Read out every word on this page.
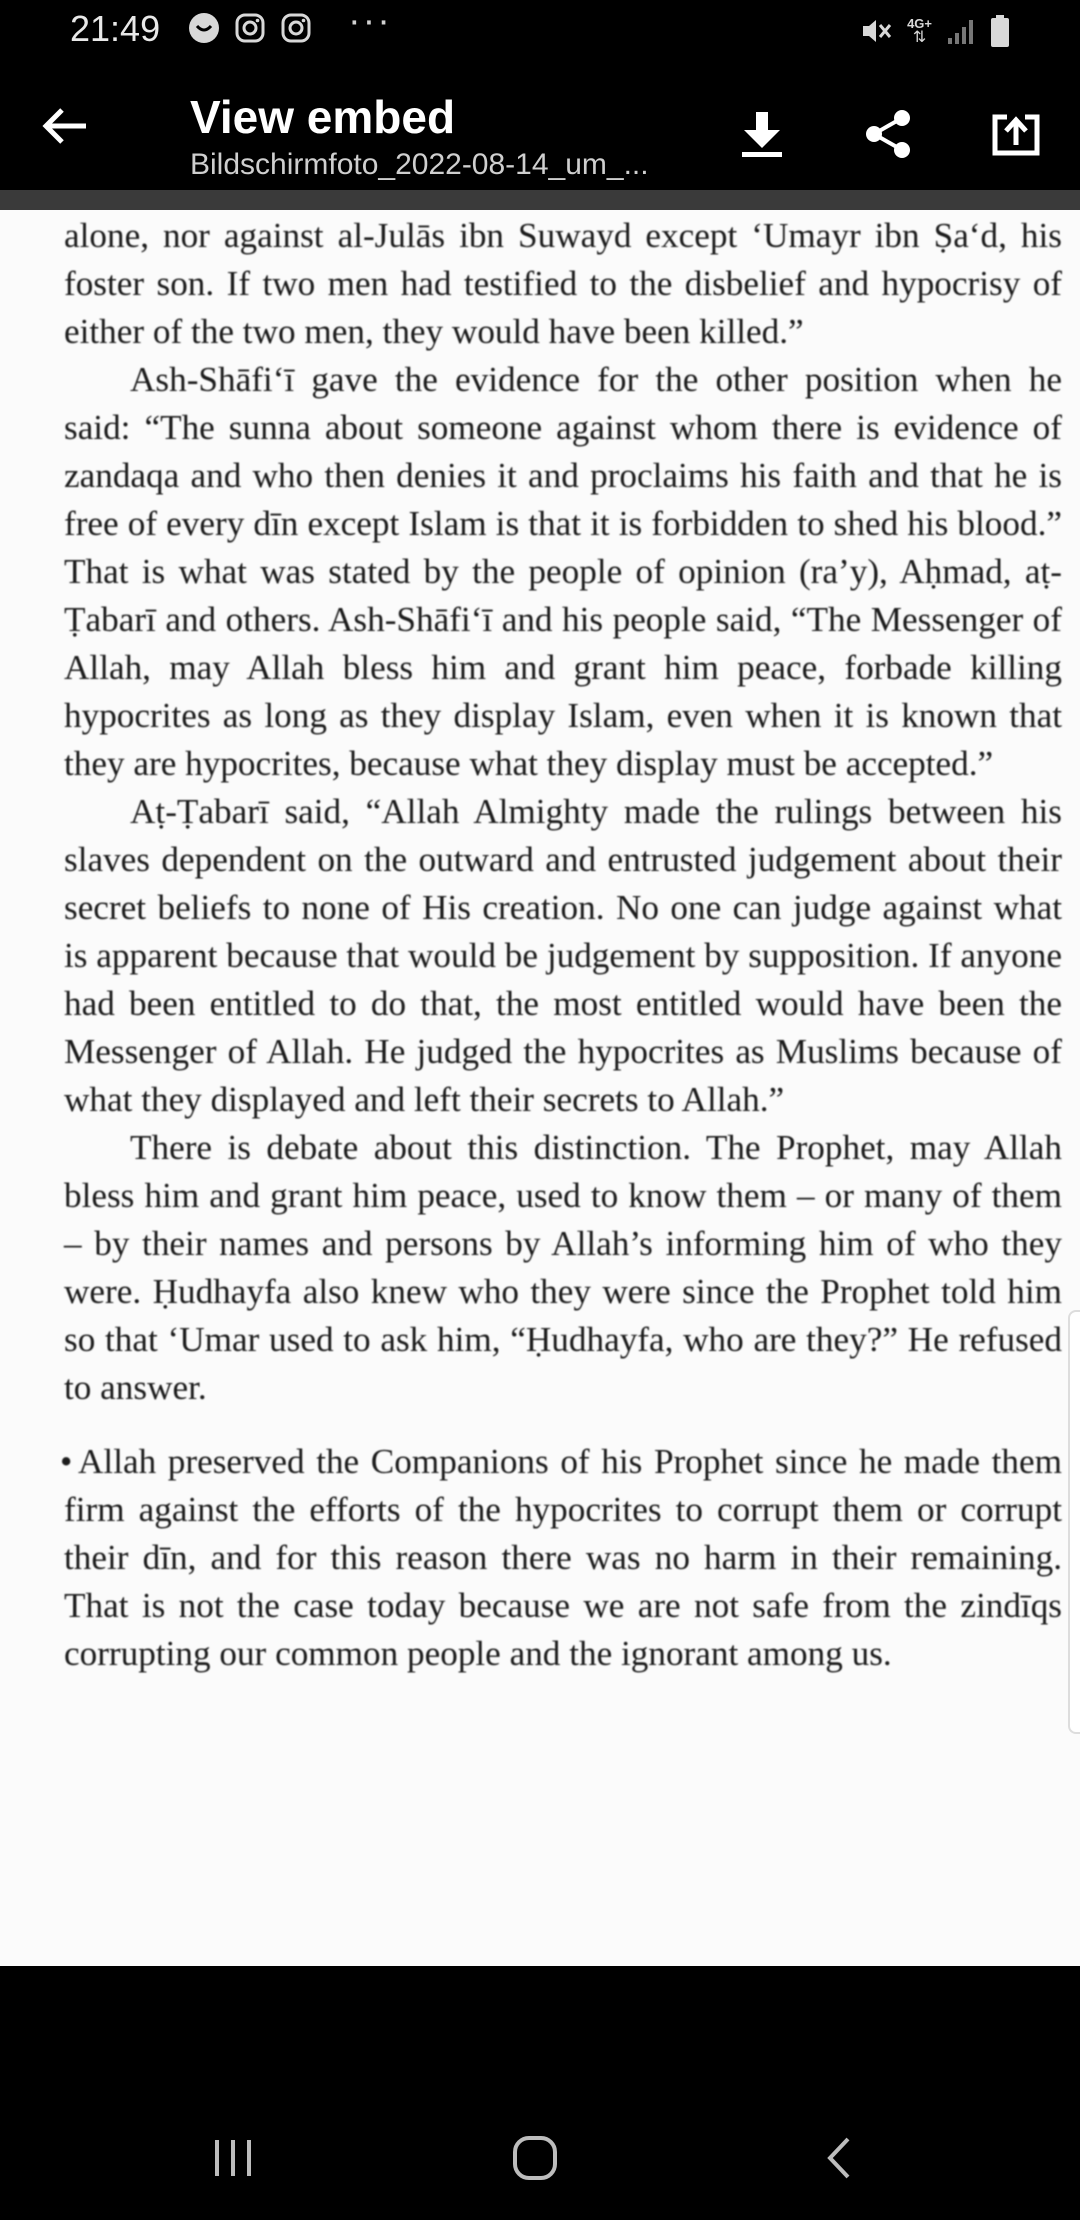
21:49	···	4G+
⇅
View embed
Bildschirmfoto_2022-08-14_um_...

alone, nor against al-Julās ibn Suwayd except ‘Umayr ibn Ṣa‘d, his foster son. If two men had testified to the disbelief and hypocrisy of either of the two men, they would have been killed.”

Ash-Shāfi‘ī gave the evidence for the other position when he said: “The sunna about someone against whom there is evidence of zandaqa and who then denies it and proclaims his faith and that he is free of every dīn except Islam is that it is forbidden to shed his blood.” That is what was stated by the people of opinion (ra’y), Aḥmad, aṭ-Ṭabarī and others. Ash-Shāfi‘ī and his people said, “The Messenger of Allah, may Allah bless him and grant him peace, forbade killing hypocrites as long as they display Islam, even when it is known that they are hypocrites, because what they display must be accepted.”

Aṭ-Ṭabarī said, “Allah Almighty made the rulings between his slaves dependent on the outward and entrusted judgement about their secret beliefs to none of His creation. No one can judge against what is apparent because that would be judgement by supposition. If anyone had been entitled to do that, the most entitled would have been the Messenger of Allah. He judged the hypocrites as Muslims because of what they displayed and left their secrets to Allah.”

There is debate about this distinction. The Prophet, may Allah bless him and grant him peace, used to know them – or many of them – by their names and persons by Allah’s informing him of who they were. Ḥudhayfa also knew who they were since the Prophet told him so that ‘Umar used to ask him, “Ḥudhayfa, who are they?” He refused to answer.

• Allah preserved the Companions of his Prophet since he made them firm against the efforts of the hypocrites to corrupt them or corrupt their dīn, and for this reason there was no harm in their remaining. That is not the case today because we are not safe from the zindīqs corrupting our common people and the ignorant among us.
